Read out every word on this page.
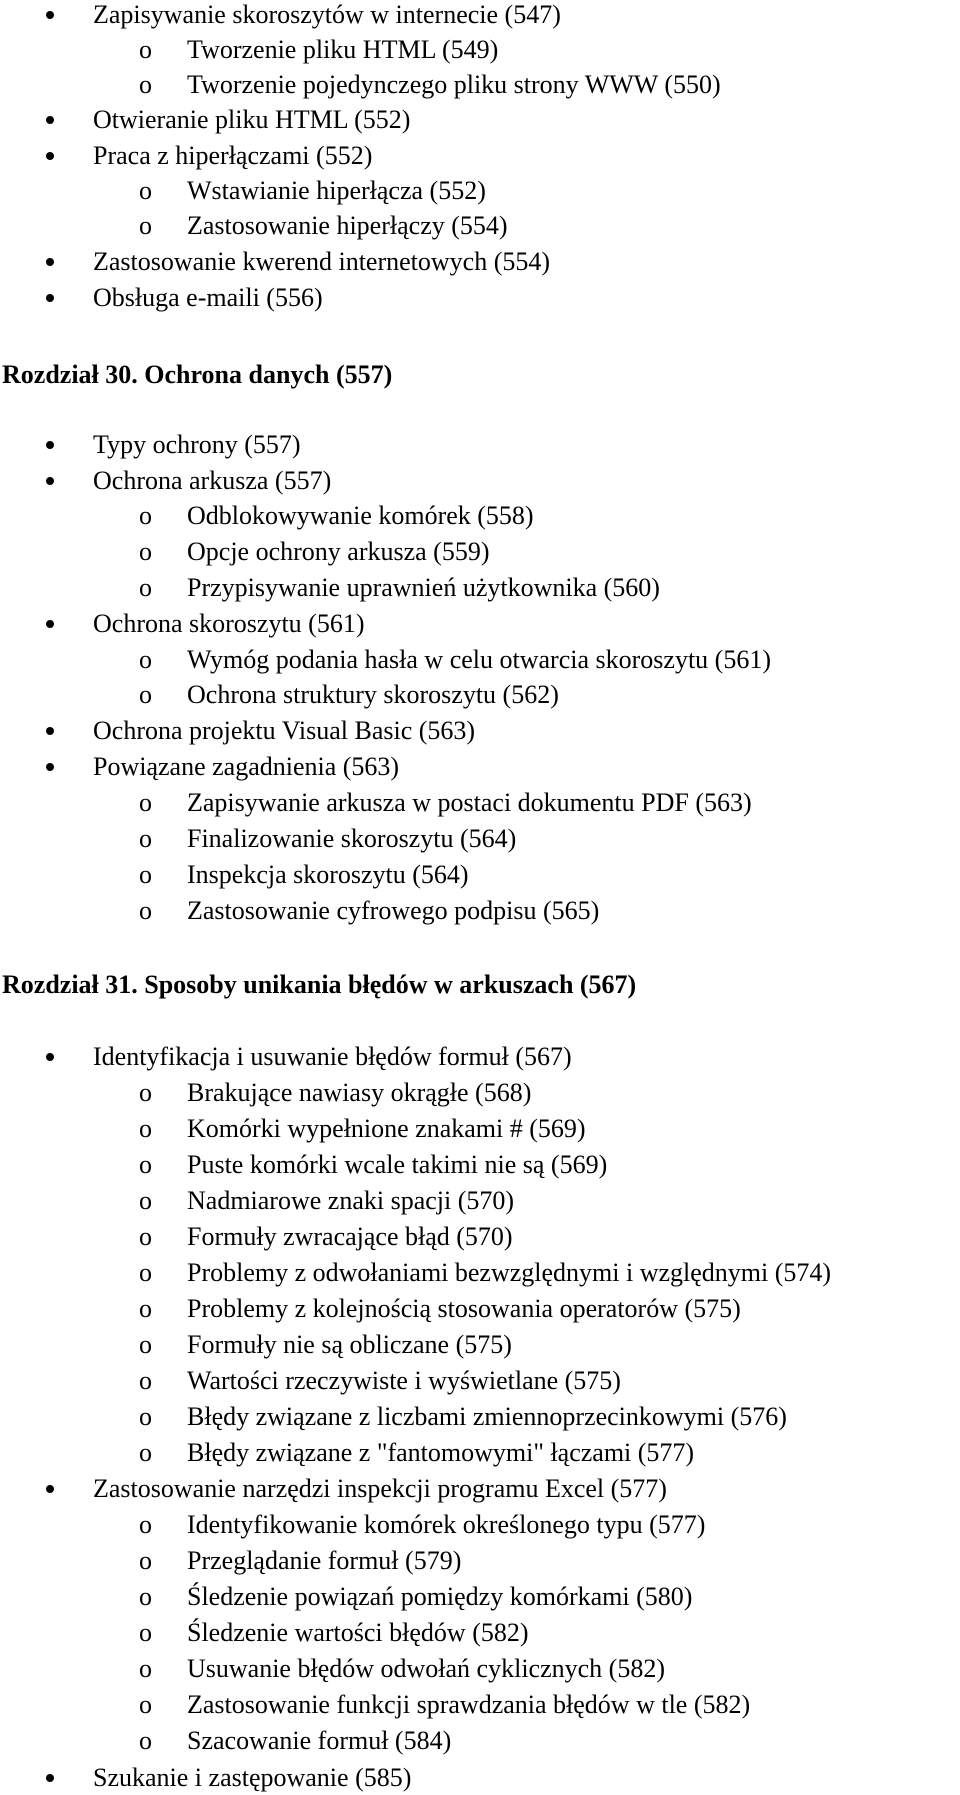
Zapisywanie skoroszytów w internecie (547)
o Tworzenie pliku HTML (549)
o Tworzenie pojedynczego pliku strony WWW (550)
Otwieranie pliku HTML (552)
Praca z hiperłączami (552)
o Wstawianie hiperłącza (552)
o Zastosowanie hiperłączy (554)
Zastosowanie kwerend internetowych (554)
Obsługa e-maili (556)
Rozdział 30. Ochrona danych (557)
Typy ochrony (557)
Ochrona arkusza (557)
o Odblokowywanie komórek (558)
o Opcje ochrony arkusza (559)
o Przypisywanie uprawnień użytkownika (560)
Ochrona skoroszytu (561)
o Wymóg podania hasła w celu otwarcia skoroszytu (561)
o Ochrona struktury skoroszytu (562)
Ochrona projektu Visual Basic (563)
Powiązane zagadnienia (563)
o Zapisywanie arkusza w postaci dokumentu PDF (563)
o Finalizowanie skoroszytu (564)
o Inspekcja skoroszytu (564)
o Zastosowanie cyfrowego podpisu (565)
Rozdział 31. Sposoby unikania błędów w arkuszach (567)
Identyfikacja i usuwanie błędów formuł (567)
o Brakujące nawiasy okrągłe (568)
o Komórki wypełnione znakami # (569)
o Puste komórki wcale takimi nie są (569)
o Nadmiarowe znaki spacji (570)
o Formuły zwracające błąd (570)
o Problemy z odwołaniami bezwzględnymi i względnymi (574)
o Problemy z kolejnością stosowania operatorów (575)
o Formuły nie są obliczane (575)
o Wartości rzeczywiste i wyświetlane (575)
o Błędy związane z liczbami zmiennoprzecinkowymi (576)
o Błędy związane z "fantomowymi" łączami (577)
Zastosowanie narzędzi inspekcji programu Excel (577)
o Identyfikowanie komórek określonego typu (577)
o Przeglądanie formuł (579)
o Śledzenie powiązań pomiędzy komórkami (580)
o Śledzenie wartości błędów (582)
o Usuwanie błędów odwołań cyklicznych (582)
o Zastosowanie funkcji sprawdzania błędów w tle (582)
o Szacowanie formuł (584)
Szukanie i zastępowanie (585)
